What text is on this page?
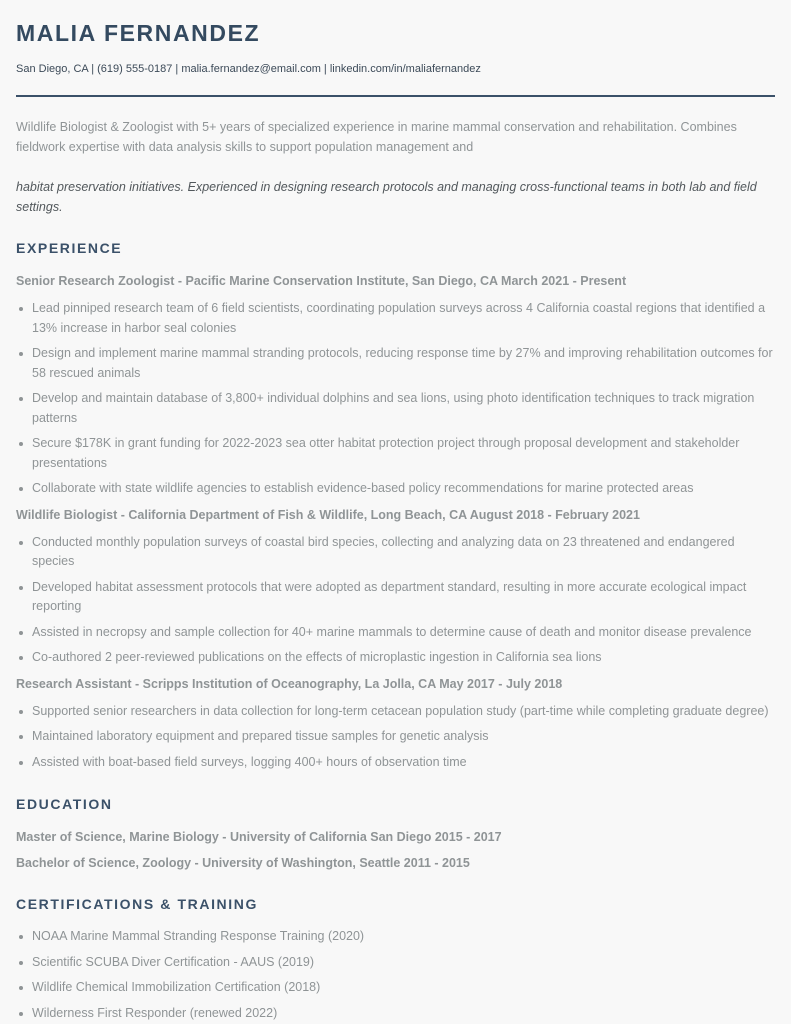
MALIA FERNANDEZ
San Diego, CA | (619) 555-0187 | malia.fernandez@email.com | linkedin.com/in/maliafernandez

Wildlife Biologist & Zoologist with 5+ years of specialized experience in marine mammal conservation and rehabilitation. Combines fieldwork expertise with data analysis skills to support population management and

habitat preservation initiatives. Experienced in designing research protocols and managing cross-functional teams in both lab and field settings.

EXPERIENCE
Senior Research Zoologist - Pacific Marine Conservation Institute, San Diego, CA March 2021 - Present
Lead pinniped research team of 6 field scientists, coordinating population surveys across 4 California coastal regions that identified a 13% increase in harbor seal colonies
Design and implement marine mammal stranding protocols, reducing response time by 27% and improving rehabilitation outcomes for 58 rescued animals
Develop and maintain database of 3,800+ individual dolphins and sea lions, using photo identification techniques to track migration patterns
Secure $178K in grant funding for 2022-2023 sea otter habitat protection project through proposal development and stakeholder presentations
Collaborate with state wildlife agencies to establish evidence-based policy recommendations for marine protected areas
Wildlife Biologist - California Department of Fish & Wildlife, Long Beach, CA August 2018 - February 2021
Conducted monthly population surveys of coastal bird species, collecting and analyzing data on 23 threatened and endangered species
Developed habitat assessment protocols that were adopted as department standard, resulting in more accurate ecological impact reporting
Assisted in necropsy and sample collection for 40+ marine mammals to determine cause of death and monitor disease prevalence
Co-authored 2 peer-reviewed publications on the effects of microplastic ingestion in California sea lions
Research Assistant - Scripps Institution of Oceanography, La Jolla, CA May 2017 - July 2018
Supported senior researchers in data collection for long-term cetacean population study (part-time while completing graduate degree)
Maintained laboratory equipment and prepared tissue samples for genetic analysis
Assisted with boat-based field surveys, logging 400+ hours of observation time
EDUCATION
Master of Science, Marine Biology - University of California San Diego 2015 - 2017
Bachelor of Science, Zoology - University of Washington, Seattle 2011 - 2015
CERTIFICATIONS & TRAINING
NOAA Marine Mammal Stranding Response Training (2020)
Scientific SCUBA Diver Certification - AAUS (2019)
Wildlife Chemical Immobilization Certification (2018)
Wilderness First Responder (renewed 2022)
